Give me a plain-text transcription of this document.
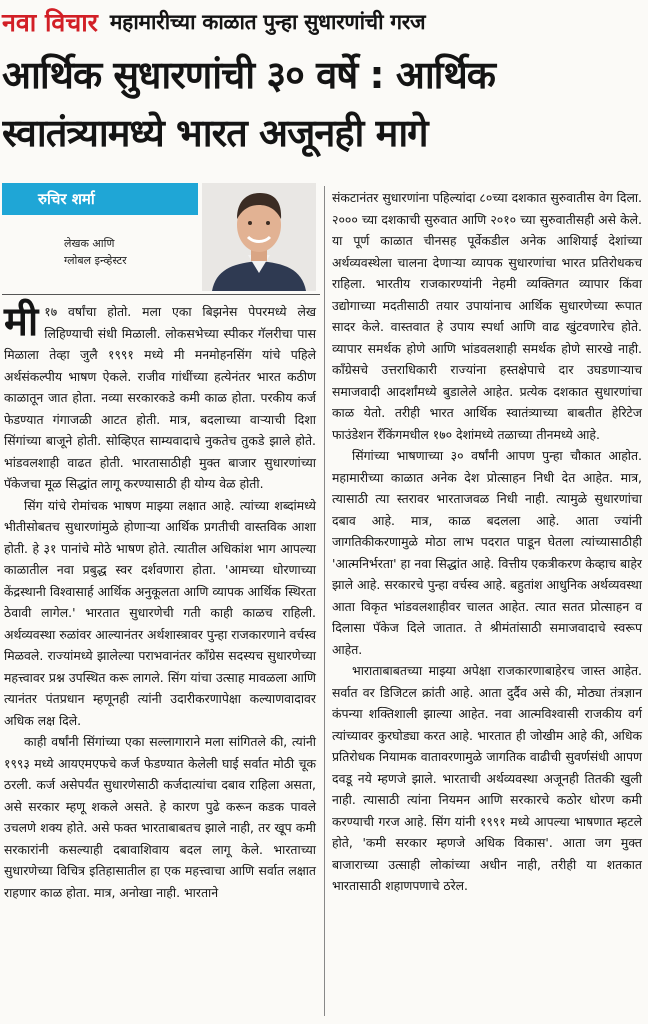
नवा विचार महामारीच्या काळात पुन्हा सुधारणांची गरज
आर्थिक सुधारणांची ३० वर्षे : आर्थिक
स्वातंत्र्यामध्ये भारत अजूनही मागे
रुचिर शर्मा
लेखक आणि
ग्लोबल इन्व्हेस्टर

मी १७ वर्षांचा होतो. मला एका बिझनेस पेपरमध्ये लेख लिहिण्याची संधी मिळाली. लोकसभेच्या स्पीकर गॅलरीचा पास मिळाला तेव्हा जुलै १९९१ मध्ये मी मनमोहनसिंग यांचे पहिले अर्थसंकल्पीय भाषण ऐकले. राजीव गांधींच्या हत्येनंतर भारत कठीण काळातून जात होता. नव्या सरकारकडे कमी काळ होता. परकीय कर्ज फेडण्यात गंगाजळी आटत होती. मात्र, बदलाच्या वाऱ्याची दिशा सिंगांच्या बाजूने होती. सोव्हिएत साम्यवादाचे नुकतेच तुकडे झाले होते. भांडवलशाही वाढत होती. भारतासाठीही मुक्त बाजार सुधारणांच्या पॅकेजचा मूळ सिद्धांत लागू करण्यासाठी ही योग्य वेळ होती.

सिंग यांचे रोमांचक भाषण माझ्या लक्षात आहे. त्यांच्या शब्दांमध्ये भीतीसोबतच सुधारणांमुळे होणाऱ्या आर्थिक प्रगतीची वास्तविक आशा होती. हे ३१ पानांचे मोठे भाषण होते. त्यातील अधिकांश भाग आपल्या काळातील नवा प्रबुद्ध स्वर दर्शवणारा होता. 'आमच्या धोरणाच्या केंद्रस्थानी विश्वासार्ह आर्थिक अनुकूलता आणि व्यापक आर्थिक स्थिरता ठेवावी लागेल.' भारतात सुधारणेची गती काही काळच राहिली. अर्थव्यवस्था रुळांवर आल्यानंतर अर्थशास्त्रावर पुन्हा राजकारणाने वर्चस्व मिळवले. राज्यांमध्ये झालेल्या पराभवानंतर काँग्रेस सदस्यच सुधारणेच्या महत्त्वावर प्रश्न उपस्थित करू लागले. सिंग यांचा उत्साह मावळला आणि त्यानंतर पंतप्रधान म्हणूनही त्यांनी उदारीकरणापेक्षा कल्याणवादावर अधिक लक्ष दिले.

काही वर्षांनी सिंगांच्या एका सल्लागाराने मला सांगितले की, त्यांनी १९९३ मध्ये आयएमएफचे कर्ज फेडण्यात केलेली घाई सर्वात मोठी चूक ठरली. कर्ज असेपर्यंत सुधारणेसाठी कर्जदात्यांचा दबाव राहिला असता, असे सरकार म्हणू शकले असते. हे कारण पुढे करून कडक पावले उचलणे शक्य होते. असे फक्त भारताबाबतच झाले नाही, तर खूप कमी सरकारांनी कसल्याही दबावाशिवाय बदल लागू केले. भारताच्या सुधारणेच्या विचित्र इतिहासातील हा एक महत्त्वाचा आणि सर्वात लक्षात राहणार काळ होता. मात्र, अनोखा नाही. भारताने

संकटानंतर सुधारणांना पहिल्यांदा ८०च्या दशकात सुरुवातीस वेग दिला. २००० च्या दशकाची सुरुवात आणि २०१० च्या सुरुवातीसही असे केले. या पूर्ण काळात चीनसह पूर्वेकडील अनेक आशियाई देशांच्या अर्थव्यवस्थेला चालना देणाऱ्या व्यापक सुधारणांचा भारत प्रतिरोधकच राहिला. भारतीय राजकारण्यांनी नेहमी व्यक्तिगत व्यापार किंवा उद्योगाच्या मदतीसाठी तयार उपायांनाच आर्थिक सुधारणेच्या रूपात सादर केले. वास्तवात हे उपाय स्पर्धा आणि वाढ खुंटवणारेच होते. व्यापार समर्थक होणे आणि भांडवलशाही समर्थक होणे सारखे नाही. काँग्रेसचे उत्तराधिकारी राज्यांना हस्तक्षेपाचे दार उघडणाऱ्याच समाजवादी आदर्शांमध्ये बुडालेले आहेत. प्रत्येक दशकात सुधारणांचा काळ येतो. तरीही भारत आर्थिक स्वातंत्र्याच्या बाबतीत हेरिटेज फाउंडेशन रँकिंगमधील १७० देशांमध्ये तळाच्या तीनमध्ये आहे.

सिंगांच्या भाषणाच्या ३० वर्षांनी आपण पुन्हा चौकात आहोत. महामारीच्या काळात अनेक देश प्रोत्साहन निधी देत आहेत. मात्र, त्यासाठी त्या स्तरावर भारताजवळ निधी नाही. त्यामुळे सुधारणांचा दबाव आहे. मात्र, काळ बदलला आहे. आता ज्यांनी जागतिकीकरणामुळे मोठा लाभ पदरात पाडून घेतला त्यांच्यासाठीही 'आत्मनिर्भरता' हा नवा सिद्धांत आहे. वित्तीय एकत्रीकरण केव्हाच बाहेर झाले आहे. सरकारचे पुन्हा वर्चस्व आहे. बहुतांश आधुनिक अर्थव्यवस्था आता विकृत भांडवलशाहीवर चालत आहेत. त्यात सतत प्रोत्साहन व दिलासा पॅकेज दिले जातात. ते श्रीमंतांसाठी समाजवादाचे स्वरूप आहेत.

भाराताबाबतच्या माझ्या अपेक्षा राजकारणाबाहेरच जास्त आहेत. सर्वात वर डिजिटल क्रांती आहे. आता दुर्दैव असे की, मोठ्या तंत्रज्ञान कंपन्या शक्तिशाली झाल्या आहेत. नवा आत्मविश्वासी राजकीय वर्ग त्यांच्यावर कुरघोड्या करत आहे. भारतात ही जोखीम आहे की, अधिक प्रतिरोधक नियामक वातावरणामुळे जागतिक वाढीची सुवर्णसंधी आपण दवडू नये म्हणजे झाले. भारताची अर्थव्यवस्था अजूनही तितकी खुली नाही. त्यासाठी त्यांना नियमन आणि सरकारचे कठोर धोरण कमी करण्याची गरज आहे. सिंग यांनी १९९१ मध्ये आपल्या भाषणात म्हटले होते, 'कमी सरकार म्हणजे अधिक विकास'. आता जग मुक्त बाजाराच्या उत्साही लोकांच्या अधीन नाही, तरीही या शतकात भारतासाठी शहाणपणाचे ठरेल.
